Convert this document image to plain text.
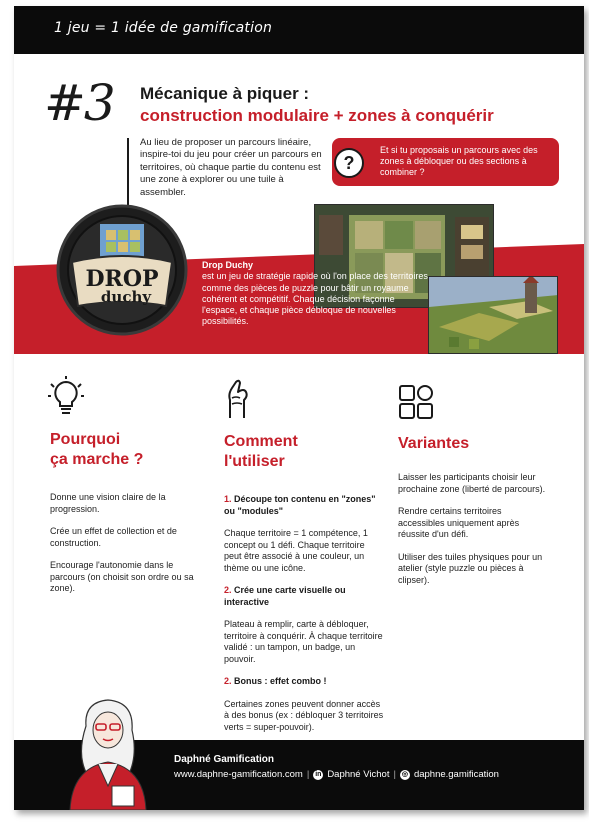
1 jeu = 1 idée de gamification
#3 Mécanique à piquer :
construction modulaire + zones à conquérir
Au lieu de proposer un parcours linéaire, inspire-toi du jeu pour créer un parcours en territoires, où chaque partie du contenu est une zone à explorer ou une tuile à assembler.
?
Et si tu proposais un parcours avec des zones à débloquer ou des sections à combiner ?
DROP
duchy
Drop Duchy
est un jeu de stratégie rapide où l'on place des territoires comme des pièces de puzzle pour bâtir un royaume cohérent et compétitif. Chaque décision façonne l'espace, et chaque pièce débloque de nouvelles possibilités.
Pourquoi
ça marche ?

Donne une vision claire de la progression.

Crée un effet de collection et de construction.

Encourage l'autonomie dans le parcours (on choisit son ordre ou sa zone).

Comment
l'utiliser

1. Découpe ton contenu en "zones" ou "modules"

Chaque territoire = 1 compétence, 1 concept ou 1 défi. Chaque territoire peut être associé à une couleur, un thème ou une icône.

2. Crée une carte visuelle ou interactive

Plateau à remplir, carte à débloquer, territoire à conquérir. À chaque territoire validé : un tampon, un badge, un pouvoir.

2. Bonus : effet combo !

Certaines zones peuvent donner accès à des bonus (ex : débloquer 3 territoires verts = super-pouvoir).

Variantes

Laisser les participants choisir leur prochaine zone (liberté de parcours).

Rendre certains territoires accessibles uniquement après réussite d'un défi.

Utiliser des tuiles physiques pour un atelier (style puzzle ou pièces à clipser).

Daphné Gamification
www.daphne-gamification.com | in Daphné Vichot | ◎ daphne.gamification
